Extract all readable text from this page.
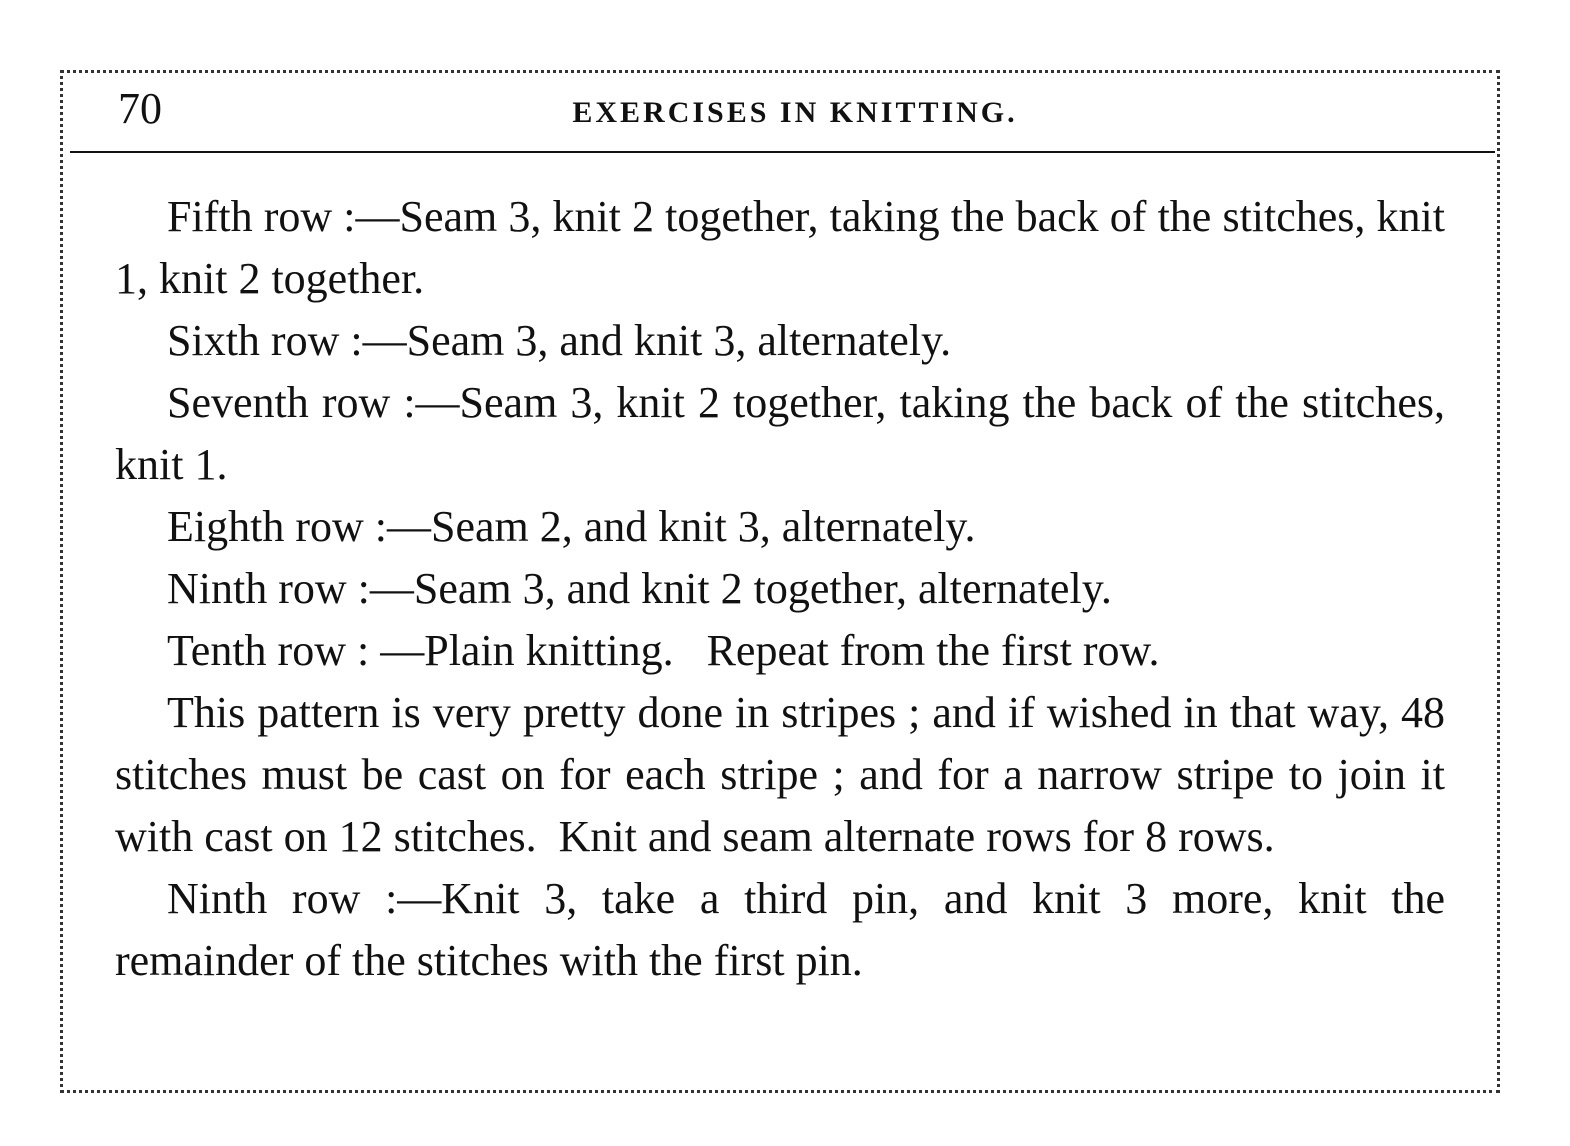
70	EXERCISES IN KNITTING.

Fifth row :—Seam 3, knit 2 together, taking the back of the stitches, knit 1, knit 2 together.

Sixth row :—Seam 3, and knit 3, alternately.

Seventh row :—Seam 3, knit 2 together, taking the back of the stitches, knit 1.

Eighth row :—Seam 2, and knit 3, alternately.

Ninth row :—Seam 3, and knit 2 together, alternately.

Tenth row : —Plain knitting.   Repeat from the first row.

This pattern is very pretty done in stripes ; and if wished in that way, 48 stitches must be cast on for each stripe ; and for a narrow stripe to join it with cast on 12 stitches.  Knit and seam alternate rows for 8 rows.

Ninth row :—Knit 3, take a third pin, and knit 3 more, knit the remainder of the stitches with the first pin.
